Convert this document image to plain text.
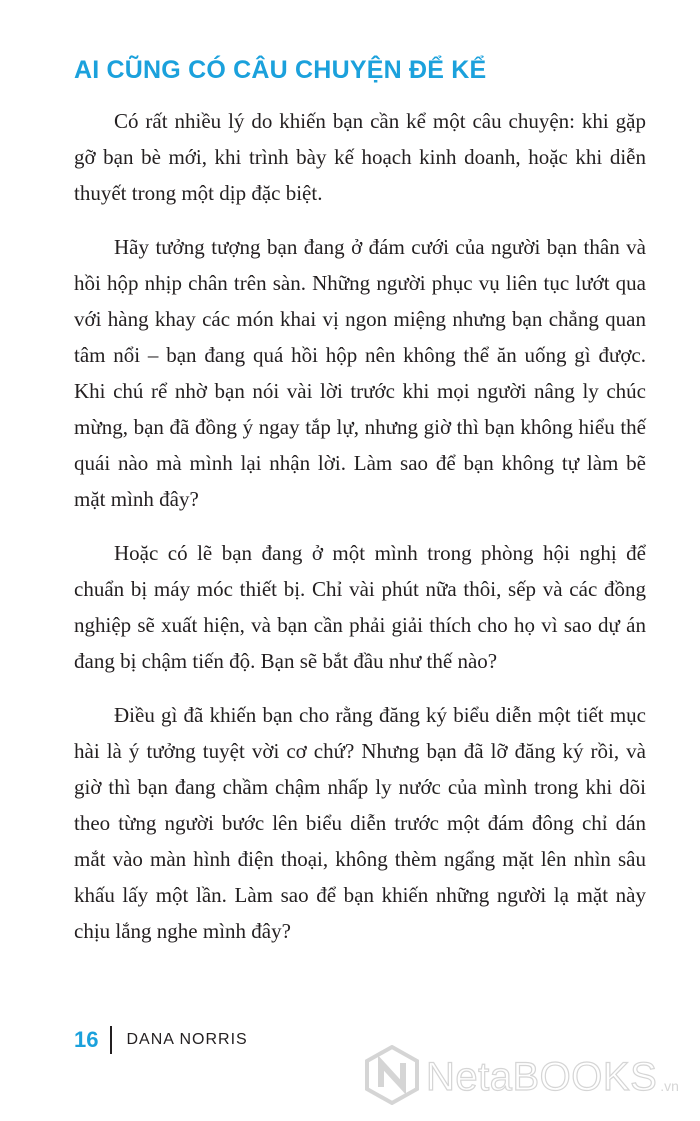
AI CŨNG CÓ CÂU CHUYỆN ĐỂ KỂ

Có rất nhiều lý do khiến bạn cần kể một câu chuyện: khi gặp gỡ bạn bè mới, khi trình bày kế hoạch kinh doanh, hoặc khi diễn thuyết trong một dịp đặc biệt.

Hãy tưởng tượng bạn đang ở đám cưới của người bạn thân và hồi hộp nhịp chân trên sàn. Những người phục vụ liên tục lướt qua với hàng khay các món khai vị ngon miệng nhưng bạn chẳng quan tâm nổi – bạn đang quá hồi hộp nên không thể ăn uống gì được. Khi chú rể nhờ bạn nói vài lời trước khi mọi người nâng ly chúc mừng, bạn đã đồng ý ngay tắp lự, nhưng giờ thì bạn không hiểu thế quái nào mà mình lại nhận lời. Làm sao để bạn không tự làm bẽ mặt mình đây?

Hoặc có lẽ bạn đang ở một mình trong phòng hội nghị để chuẩn bị máy móc thiết bị. Chỉ vài phút nữa thôi, sếp và các đồng nghiệp sẽ xuất hiện, và bạn cần phải giải thích cho họ vì sao dự án đang bị chậm tiến độ. Bạn sẽ bắt đầu như thế nào?

Điều gì đã khiến bạn cho rằng đăng ký biểu diễn một tiết mục hài là ý tưởng tuyệt vời cơ chứ? Nhưng bạn đã lỡ đăng ký rồi, và giờ thì bạn đang chầm chậm nhấp ly nước của mình trong khi dõi theo từng người bước lên biểu diễn trước một đám đông chỉ dán mắt vào màn hình điện thoại, không thèm ngẩng mặt lên nhìn sâu khấu lấy một lần. Làm sao để bạn khiến những người lạ mặt này chịu lắng nghe mình đây?

16 DANA NORRIS
NetaBOOKS .vn
